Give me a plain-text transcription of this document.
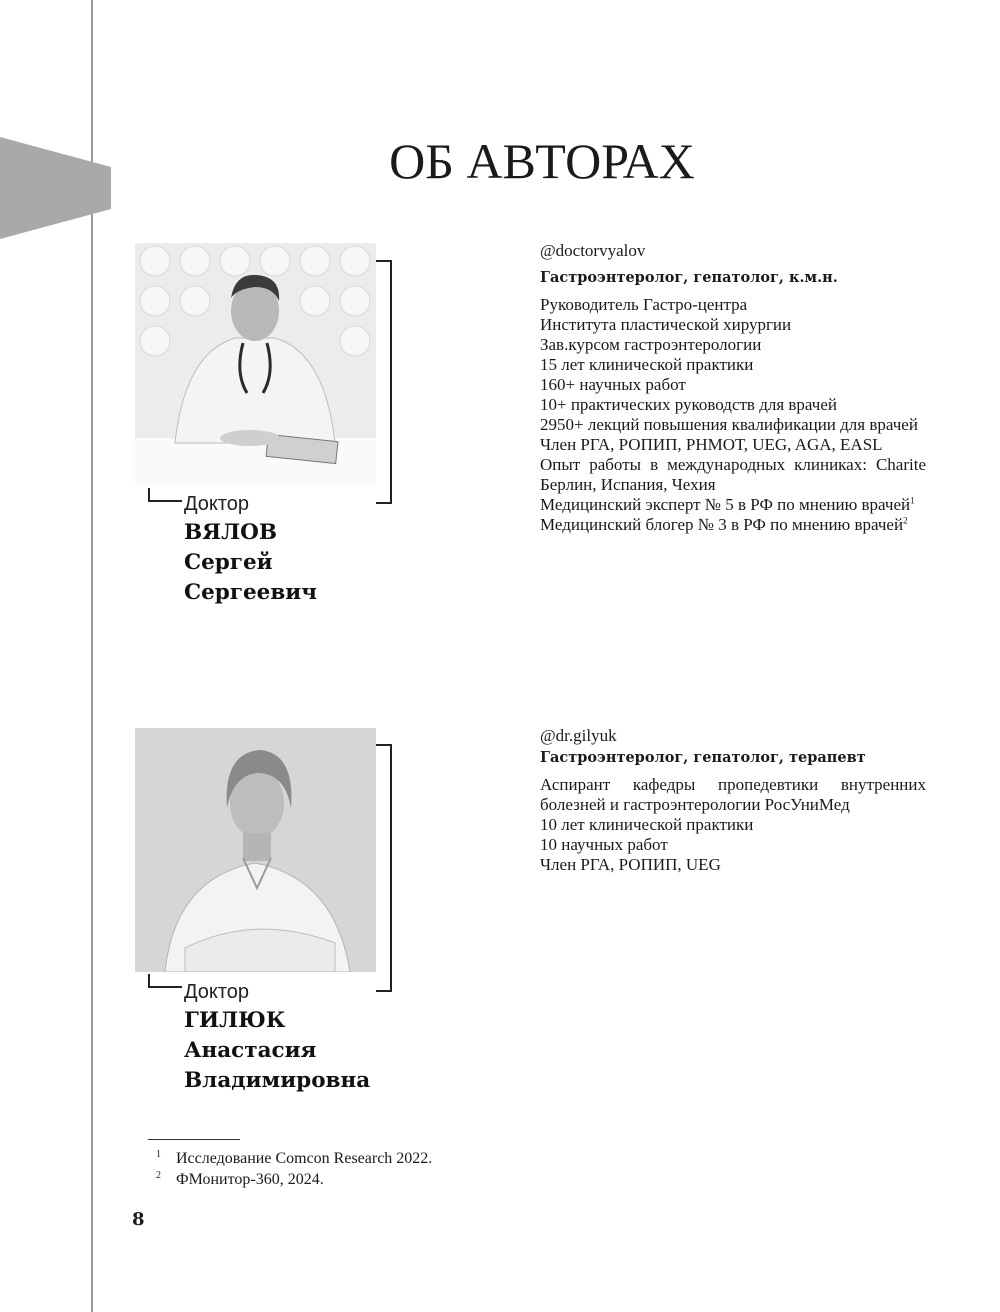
ОБ АВТОРАХ
Доктор
ВЯЛОВ
Сергей
Сергеевич
@doctorvyalov
Гастроэнтеролог, гепатолог, к.м.н.
Руководитель Гастро-центра
Института пластической хирургии
Зав.курсом гастроэнтерологии
15 лет клинической практики
160+ научных работ
10+ практических руководств для врачей
2950+ лекций повышения квалификации для врачей
Член РГА, РОПИП, РНМОТ, UEG, AGA, EASL
Опыт работы в международных клиниках: Charite Берлин, Испания, Чехия
Медицинский эксперт № 5 в РФ по мнению врачей$^1$
Медицинский блогер № 3 в РФ по мнению врачей$^2$
Доктор
ГИЛЮК
Анастасия
Владимировна
@dr.gilyuk
Гастроэнтеролог, гепатолог, терапевт
Аспирант кафедры пропедевтики внутренних болезней и гастроэнтерологии РосУниМед
10 лет клинической практики
10 научных работ
Член РГА, РОПИП, UEG
1 Исследование Comcon Research 2022.
2 ФМонитор-360, 2024.
8
